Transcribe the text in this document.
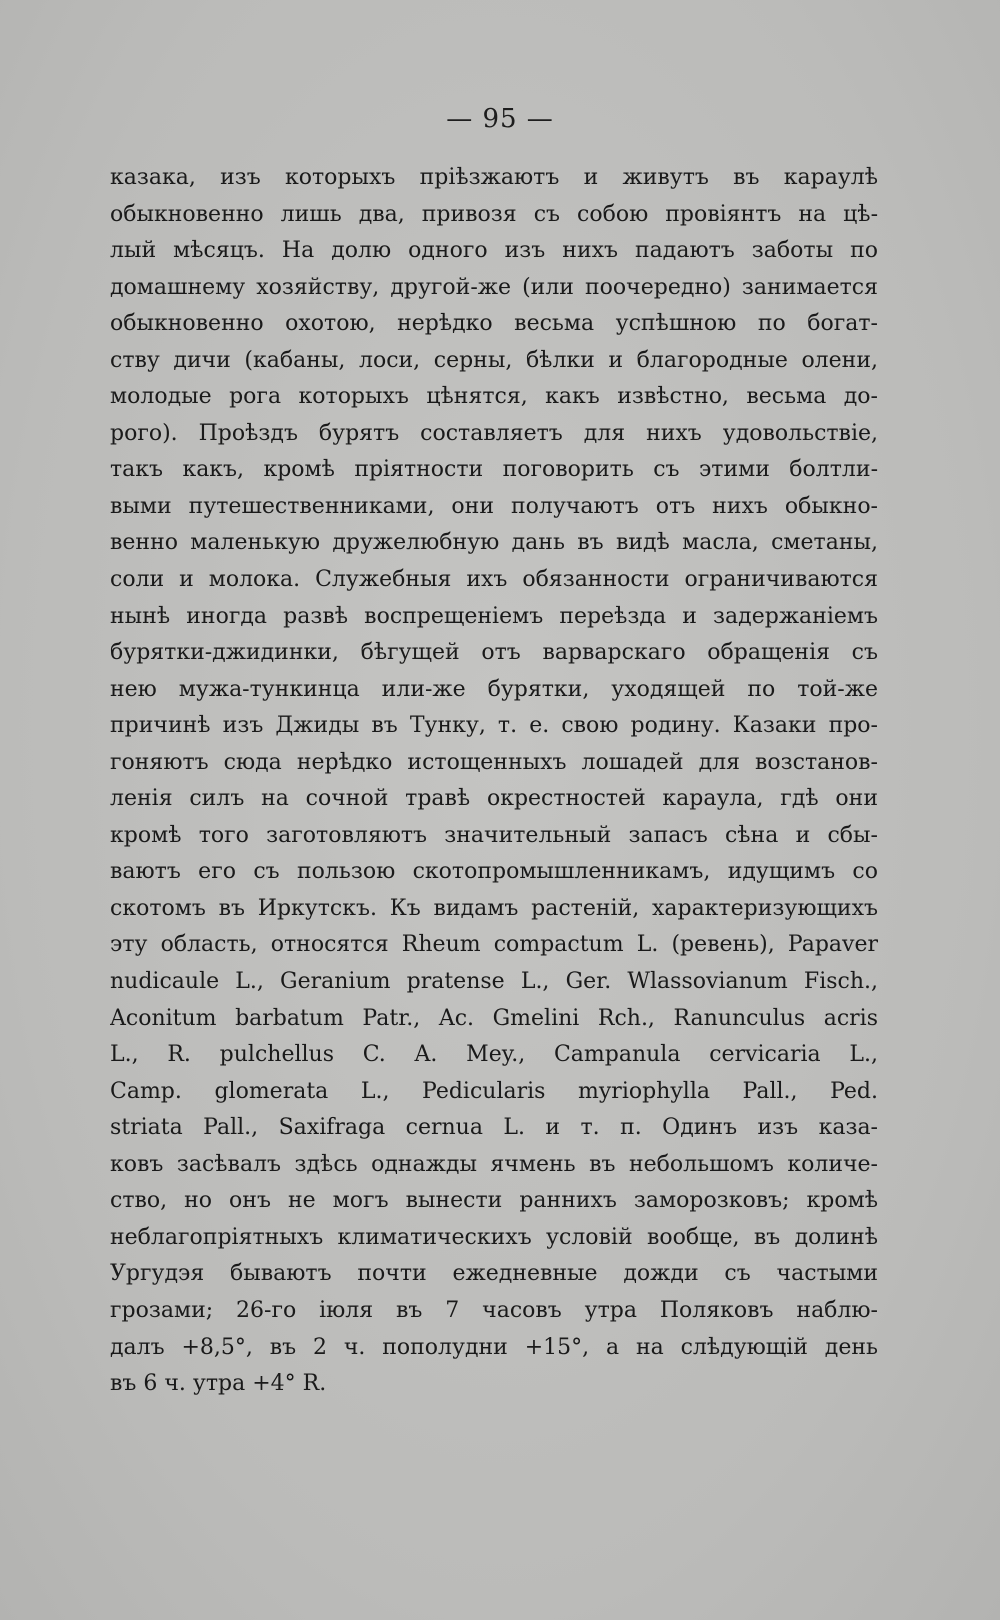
— 95 —
казака, изъ которыхъ пріѣзжаютъ и живутъ въ караулѣ
обыкновенно лишь два, привозя съ собою провіянтъ на цѣ-
лый мѣсяцъ. На долю одного изъ нихъ падаютъ заботы по
домашнему хозяйству, другой-же (или поочередно) занимается
обыкновенно охотою, нерѣдко весьма успѣшною по богат-
ству дичи (кабаны, лоси, серны, бѣлки и благородные олени,
молодые рога которыхъ цѣнятся, какъ извѣстно, весьма до-
рого). Проѣздъ бурятъ составляетъ для нихъ удовольствіе,
такъ какъ, кромѣ пріятности поговорить съ этими болтли-
выми путешественниками, они получаютъ отъ нихъ обыкно-
венно маленькую дружелюбную дань въ видѣ масла, сметаны,
соли и молока. Служебныя ихъ обязанности ограничиваются
нынѣ иногда развѣ воспрещеніемъ переѣзда и задержаніемъ
бурятки-джидинки, бѣгущей отъ варварскаго обращенія съ
нею мужа-тункинца или-же бурятки, уходящей по той-же
причинѣ изъ Джиды въ Тунку, т. е. свою родину. Казаки про-
гоняютъ сюда нерѣдко истощенныхъ лошадей для возстанов-
ленія силъ на сочной травѣ окрестностей караула, гдѣ они
кромѣ того заготовляютъ значительный запасъ сѣна и сбы-
ваютъ его съ пользою скотопромышленникамъ, идущимъ со
скотомъ въ Иркутскъ. Къ видамъ растеній, характеризующихъ
эту область, относятся Rheum compactum L. (ревень), Papaver
nudicaule L., Geranium pratense L., Ger. Wlassovianum Fisch.,
Aconitum barbatum Patr., Ac. Gmelini Rch., Ranunculus acris
L., R. pulchellus C. A. Mey., Campanula cervicaria L.,
Camp. glomerata L., Pedicularis myriophylla Pall., Ped.
striata Pall., Saxifraga cernua L. и т. п. Одинъ изъ каза-
ковъ засѣвалъ здѣсь однажды ячмень въ небольшомъ количе-
ство, но онъ не могъ вынести раннихъ заморозковъ; кромѣ
неблагопріятныхъ климатическихъ условій вообще, въ долинѣ
Ургудэя бываютъ почти ежедневные дожди съ частыми
грозами; 26-го іюля въ 7 часовъ утра Поляковъ наблю-
далъ +8,5°, въ 2 ч. пополудни +15°, а на слѣдующій день
въ 6 ч. утра +4° R.
